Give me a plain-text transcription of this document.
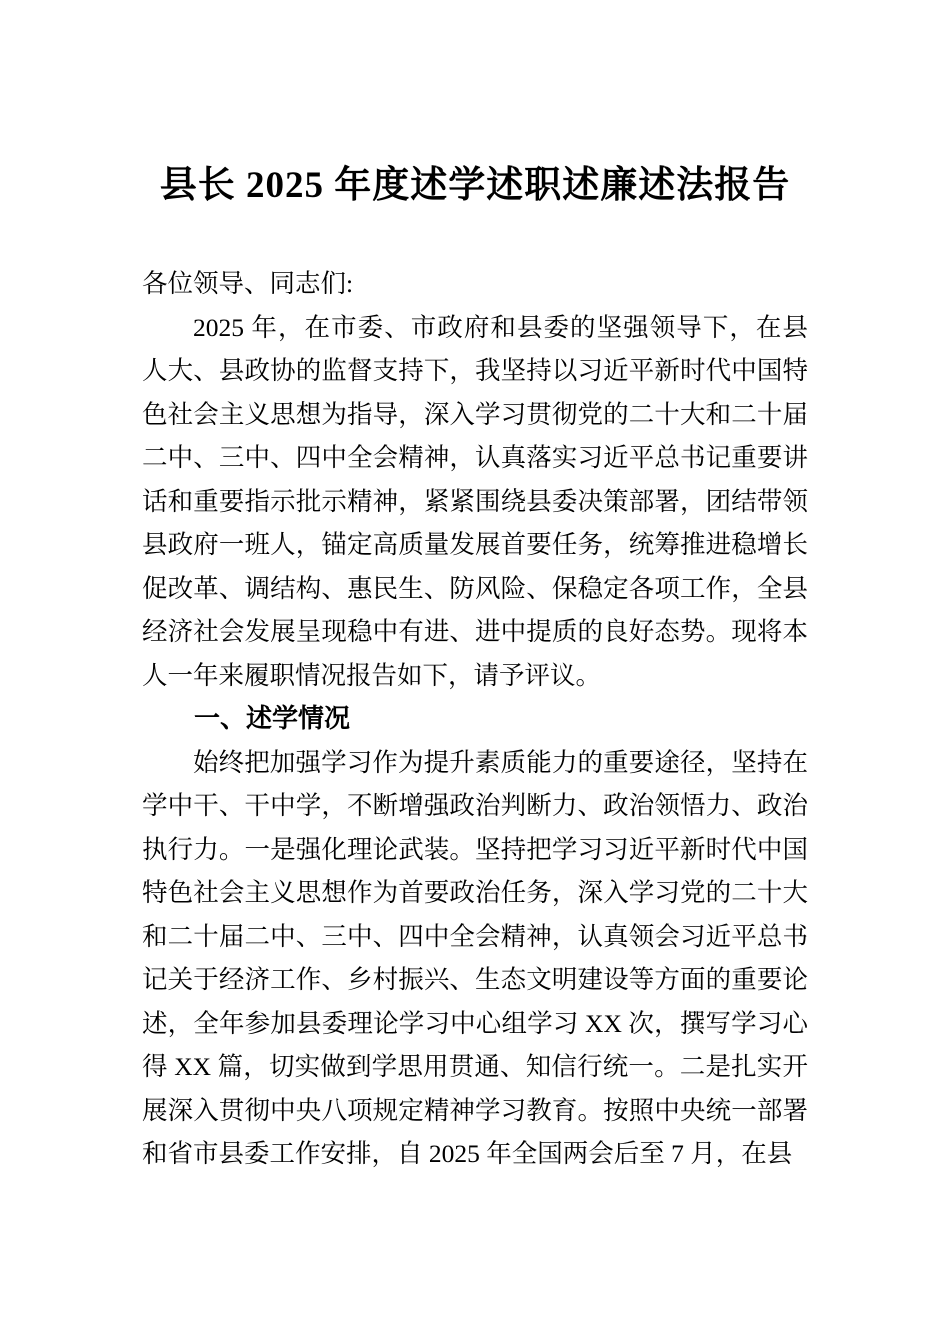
县长 2025 年度述学述职述廉述法报告

各位领导、同志们:

2025 年，在市委、市政府和县委的坚强领导下，在县人大、县政协的监督支持下，我坚持以习近平新时代中国特色社会主义思想为指导，深入学习贯彻党的二十大和二十届二中、三中、四中全会精神，认真落实习近平总书记重要讲话和重要指示批示精神，紧紧围绕县委决策部署，团结带领县政府一班人，锚定高质量发展首要任务，统筹推进稳增长促改革、调结构、惠民生、防风险、保稳定各项工作，全县经济社会发展呈现稳中有进、进中提质的良好态势。现将本人一年来履职情况报告如下，请予评议。

一、述学情况

始终把加强学习作为提升素质能力的重要途径，坚持在学中干、干中学，不断增强政治判断力、政治领悟力、政治执行力。一是强化理论武装。坚持把学习习近平新时代中国特色社会主义思想作为首要政治任务，深入学习党的二十大和二十届二中、三中、四中全会精神，认真领会习近平总书记关于经济工作、乡村振兴、生态文明建设等方面的重要论述，全年参加县委理论学习中心组学习 XX 次，撰写学习心得 XX 篇，切实做到学思用贯通、知信行统一。二是扎实开展深入贯彻中央八项规定精神学习教育。按照中央统一部署和省市县委工作安排，自 2025 年全国两会后至 7 月，在县
